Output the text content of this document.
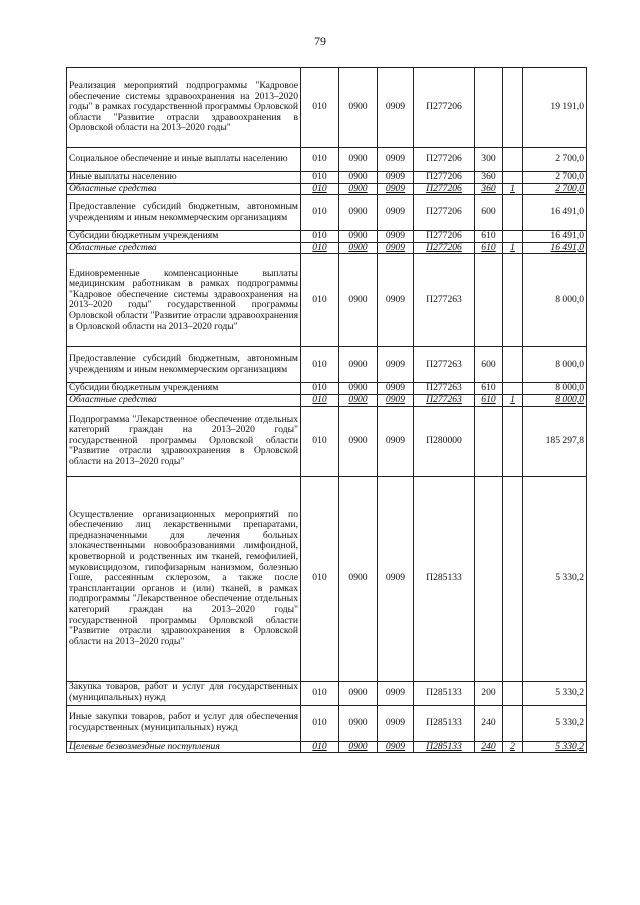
79
Реализация мероприятий подпрограммы "Кадровое обеспечение системы здравоохранения на 2013–2020 годы" в рамках государственной программы Орловской области "Развитие отрасли здравоохранения в Орловской области на 2013–2020 годы"	010	0900	0909	П277206			19 191,0
Социальное обеспечение и иные выплаты населению	010	0900	0909	П277206	300		2 700,0
Иные выплаты населению	010	0900	0909	П277206	360		2 700,0
Областные средства	010	0900	0909	П277206	360	1	2 700,0
Предоставление субсидий бюджетным, автономным учреждениям и иным некоммерческим организациям	010	0900	0909	П277206	600		16 491,0
Субсидии бюджетным учреждениям	010	0900	0909	П277206	610		16 491,0
Областные средства	010	0900	0909	П277206	610	1	16 491,0
Единовременные компенсационные выплаты медицинским работникам в рамках подпрограммы "Кадровое обеспечение системы здравоохранения на 2013–2020 годы" государственной программы Орловской области "Развитие отрасли здравоохранения в Орловской области на 2013–2020 годы"	010	0900	0909	П277263			8 000,0
Предоставление субсидий бюджетным, автономным учреждениям и иным некоммерческим организациям	010	0900	0909	П277263	600		8 000,0
Субсидии бюджетным учреждениям	010	0900	0909	П277263	610		8 000,0
Областные средства	010	0900	0909	П277263	610	1	8 000,0
Подпрограмма "Лекарственное обеспечение отдельных категорий граждан на 2013–2020 годы" государственной программы Орловской области "Развитие отрасли здравоохранения в Орловской области на 2013–2020 годы"	010	0900	0909	П280000			185 297,8
Осуществление организационных мероприятий по обеспечению лиц лекарственными препаратами, предназначенными для лечения больных злокачественными новообразованиями лимфоидной, кроветворной и родственных им тканей, гемофилией, муковисцидозом, гипофизарным нанизмом, болезнью Гоше, рассеянным склерозом, а также после трансплантации органов и (или) тканей, в рамках подпрограммы "Лекарственное обеспечение отдельных категорий граждан на 2013–2020 годы" государственной программы Орловской области "Развитие отрасли здравоохранения в Орловской области на 2013–2020 годы"	010	0900	0909	П285133			5 330,2
Закупка товаров, работ и услуг для государственных (муниципальных) нужд	010	0900	0909	П285133	200		5 330,2
Иные закупки товаров, работ и услуг для обеспечения государственных (муниципальных) нужд	010	0900	0909	П285133	240		5 330,2
Целевые безвозмездные поступления	010	0900	0909	П285133	240	2	5 330,2
